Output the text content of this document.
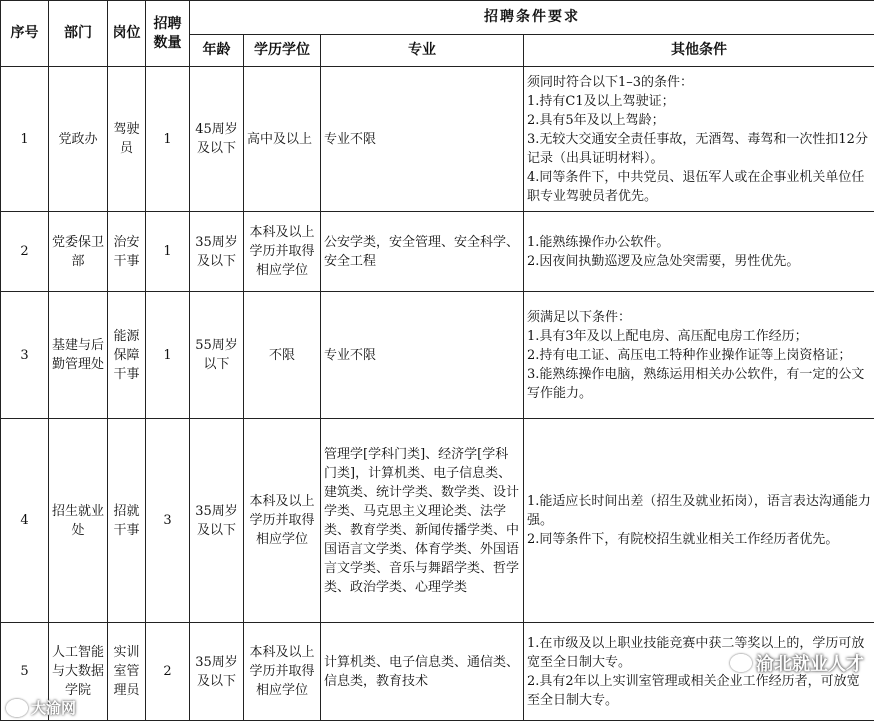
序号	部门	岗位	招聘数量	招聘条件要求			
				年龄	学历学位	专业	其他条件
1	党政办	驾驶员	1	45周岁及以下	高中及以上	专业不限	须同时符合以下1–3的条件：
1.持有C1及以上驾驶证；
2.具有5年及以上驾龄；
3.无较大交通安全责任事故，无酒驾、毒驾和一次性扣12分记录（出具证明材料）。
4.同等条件下，中共党员、退伍军人或在企事业机关单位任职专业驾驶员者优先。

2	党委保卫部	治安干事	1	35周岁及以下	本科及以上学历并取得相应学位	公安学类，安全管理、安全科学、安全工程	1.能熟练操作办公软件。
2.因夜间执勤巡逻及应急处突需要，男性优先。

3	基建与后勤管理处	能源保障干事	1	55周岁以下	不限	专业不限	须满足以下条件：
1.具有3年及以上配电房、高压配电房工作经历；
2.持有电工证、高压电工特种作业操作证等上岗资格证；
3.能熟练操作电脑，熟练运用相关办公软件，有一定的公文写作能力。

4	招生就业处	招就干事	3	35周岁及以下	本科及以上学历并取得相应学位	管理学[学科门类]、经济学[学科门类]，计算机类、电子信息类、建筑类、统计学类、数学类、设计学类、马克思主义理论类、法学类、教育学类、新闻传播学类、中国语言文学类、体育学类、外国语言文学类、音乐与舞蹈学类、哲学类、政治学类、心理学类	1.能适应长时间出差（招生及就业拓岗），语言表达沟通能力强。
2.同等条件下，有院校招生就业相关工作经历者优先。

5	人工智能与大数据学院	实训室管理员	2	35周岁及以下	本科及以上学历并取得相应学位	计算机类、电子信息类、通信类、信息类，教育技术	1.在市级及以上职业技能竞赛中获二等奖以上的，学历可放宽至全日制大专。
2.具有2年以上实训室管理或相关企业工作经历者，可放宽至全日制大专。
渝北就业人才
大渝网
